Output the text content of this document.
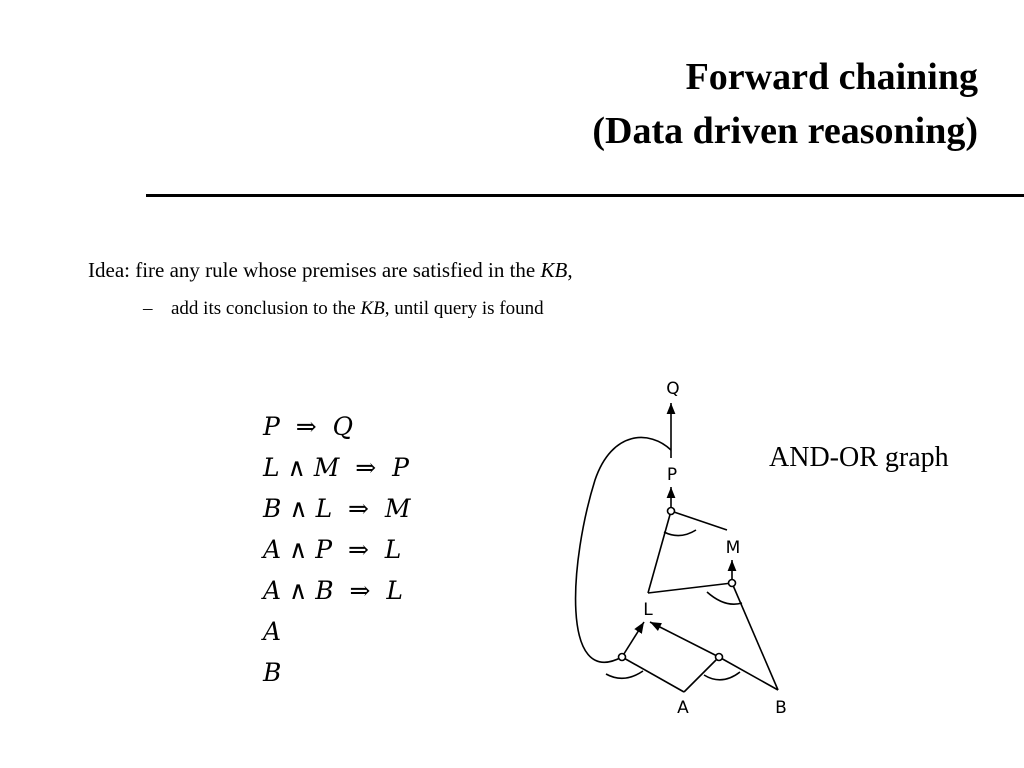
Forward chaining
(Data driven reasoning)
Idea: fire any rule whose premises are satisfied in the KB,
– add its conclusion to the KB, until query is found
P  ⇒  Q
L ∧ M  ⇒  P
B ∧ L  ⇒  M
A ∧ P  ⇒  L
A ∧ B  ⇒  L
A
B
AND-OR graph
Q
P
M
L
A	B
